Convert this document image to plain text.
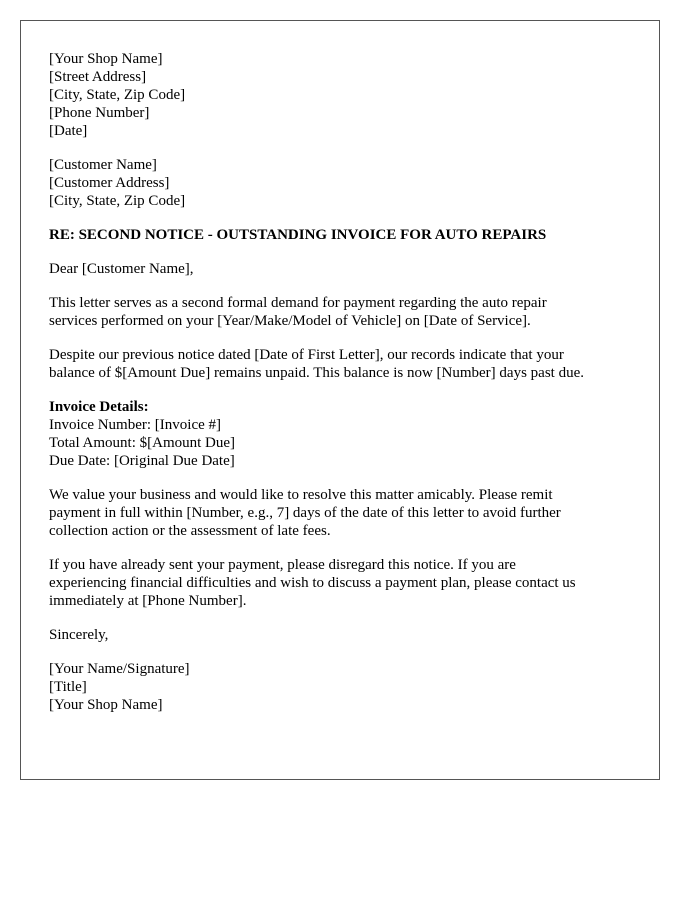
[Your Shop Name]
[Street Address]
[City, State, Zip Code]
[Phone Number]
[Date]
[Customer Name]
[Customer Address]
[City, State, Zip Code]

RE: SECOND NOTICE - OUTSTANDING INVOICE FOR AUTO REPAIRS

Dear [Customer Name],

This letter serves as a second formal demand for payment regarding the auto repair
services performed on your [Year/Make/Model of Vehicle] on [Date of Service].
Despite our previous notice dated [Date of First Letter], our records indicate that your
balance of $[Amount Due] remains unpaid. This balance is now [Number] days past due.
Invoice Details:
Invoice Number: [Invoice #]
Total Amount: $[Amount Due]
Due Date: [Original Due Date]
We value your business and would like to resolve this matter amicably. Please remit
payment in full within [Number, e.g., 7] days of the date of this letter to avoid further
collection action or the assessment of late fees.
If you have already sent your payment, please disregard this notice. If you are
experiencing financial difficulties and wish to discuss a payment plan, please contact us
immediately at [Phone Number].

Sincerely,

[Your Name/Signature]
[Title]
[Your Shop Name]
